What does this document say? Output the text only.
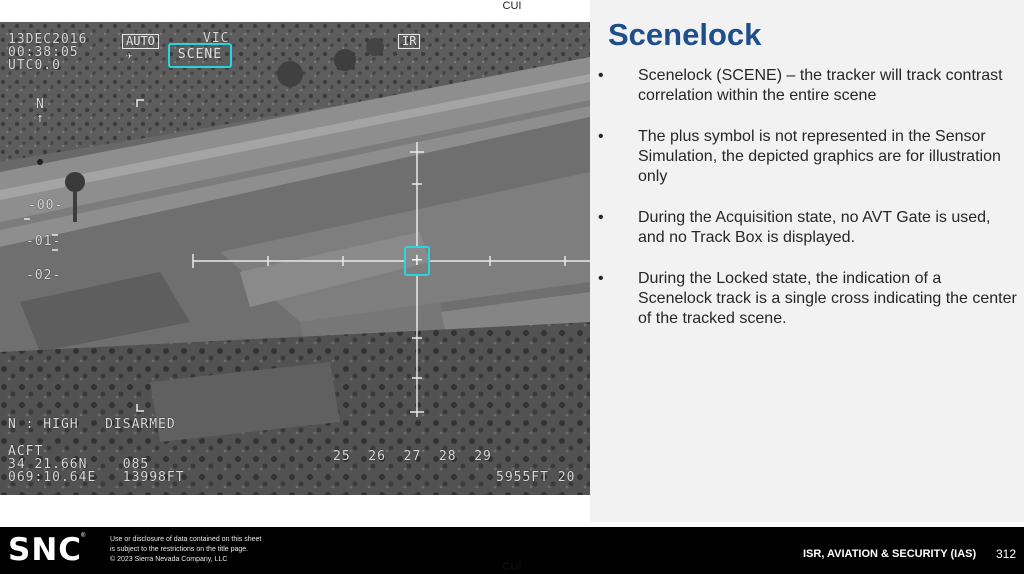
CUI
13DEC2016
00:38:05
UTC0.0
AUTO
✈
VIC	IR
SCENE
N
↑
-00-
-01-
-02-
+
N : HIGH   DISARMED
ACFT
34 21.66N    085
069:10.64E   13998FT
25  26  27  28  29
5955FT 20
Scenelock
•	Scenelock (SCENE) – the tracker will track contrast correlation within the entire scene
•	The plus symbol is not represented in the Sensor Simulation, the depicted graphics are for illustration only
•	During the Acquisition state, no AVT Gate is used, and no Track Box is displayed.
•	During the Locked state, the indication of a Scenelock track is a single cross indicating the center of the tracked scene.
SNC
®	Use or disclosure of data contained on this sheet
is subject to the restrictions on the title page.
© 2023 Sierra Nevada Company, LLC	ISR, AVIATION & SECURITY (IAS) 312
CUI
